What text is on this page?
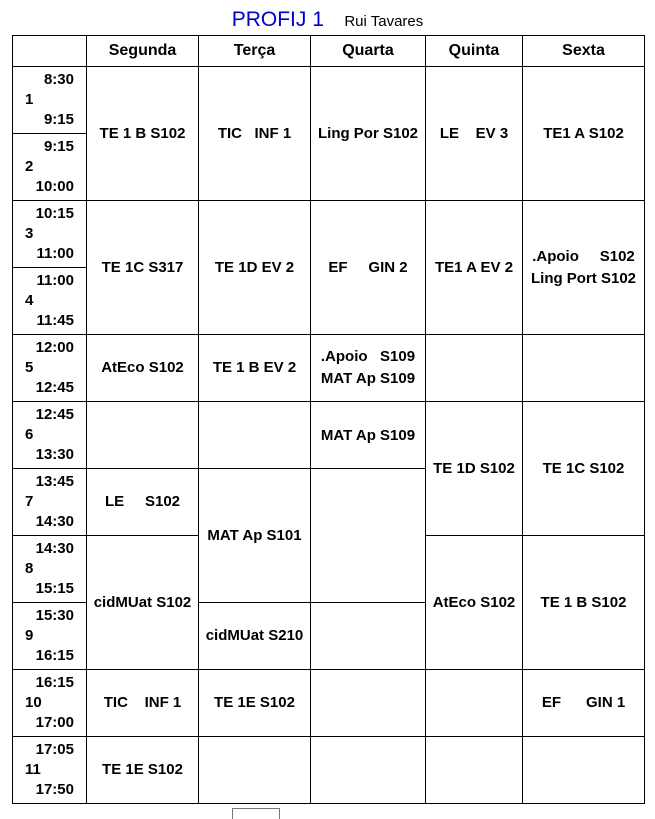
PROFIJ 1 Rui Tavares
	Segunda	Terça	Quarta	Quinta	Sexta

8:30
1
9:15	TE 1 B S102	TIC   INF 1	Ling Por S102	LE    EV 3	TE1 A S102

9:15
2
10:00					

10:15
3
11:00	TE 1C S317	TE 1D EV 2	EF     GIN 2	TE1 A EV 2	.Apoio     S102
Ling Port S102

11:00
4
11:45					

12:00
5
12:45	AtEco S102	TE 1 B EV 2	.Apoio   S109
MAT Ap S109		

12:45
6
13:30			MAT Ap S109	TE 1D S102	TE 1C S102

13:45
7
14:30	LE     S102	MAT Ap S101			

14:30
8
15:15	cidMUat S102			AtEco S102	TE 1 B S102

15:30
9
16:15		cidMUat S210			

16:15
10
17:00	TIC    INF 1	TE 1E S102			EF      GIN 1

17:05
11
17:50	TE 1E S102				
